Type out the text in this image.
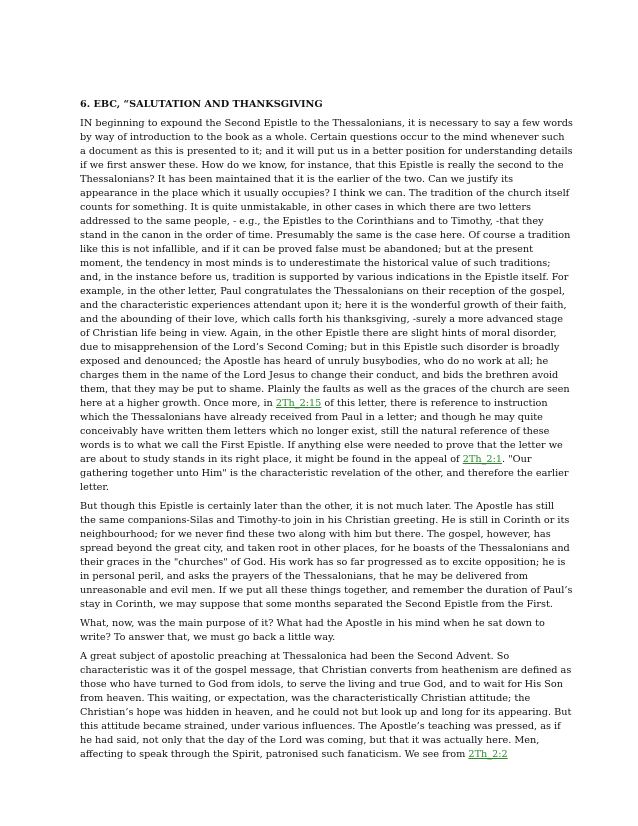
6. EBC, “SALUTATION AND THANKSGIVING

IN beginning to expound the Second Epistle to the Thessalonians, it is necessary to say a few words by way of introduction to the book as a whole. Certain questions occur to the mind whenever such a document as this is presented to it; and it will put us in a better position for understanding details if we first answer these. How do we know, for instance, that this Epistle is really the second to the Thessalonians? It has been maintained that it is the earlier of the two. Can we justify its appearance in the place which it usually occupies? I think we can. The tradition of the church itself counts for something. It is quite unmistakable, in other cases in which there are two letters addressed to the same people, - e.g., the Epistles to the Corinthians and to Timothy, -that they stand in the canon in the order of time. Presumably the same is the case here. Of course a tradition like this is not infallible, and if it can be proved false must be abandoned; but at the present moment, the tendency in most minds is to underestimate the historical value of such traditions; and, in the instance before us, tradition is supported by various indications in the Epistle itself. For example, in the other letter, Paul congratulates the Thessalonians on their reception of the gospel, and the characteristic experiences attendant upon it; here it is the wonderful growth of their faith, and the abounding of their love, which calls forth his thanksgiving, -surely a more advanced stage of Christian life being in view. Again, in the other Epistle there are slight hints of moral disorder, due to misapprehension of the Lord’s Second Coming; but in this Epistle such disorder is broadly exposed and denounced; the Apostle has heard of unruly busybodies, who do no work at all; he charges them in the name of the Lord Jesus to change their conduct, and bids the brethren avoid them, that they may be put to shame. Plainly the faults as well as the graces of the church are seen here at a higher growth. Once more, in 2Th_2:15 of this letter, there is reference to instruction which the Thessalonians have already received from Paul in a letter; and though he may quite conceivably have written them letters which no longer exist, still the natural reference of these words is to what we call the First Epistle. If anything else were needed to prove that the letter we are about to study stands in its right place, it might be found in the appeal of 2Th_2:1. "Our gathering together unto Him" is the characteristic revelation of the other, and therefore the earlier letter.

But though this Epistle is certainly later than the other, it is not much later. The Apostle has still the same companions-Silas and Timothy-to join in his Christian greeting. He is still in Corinth or its neighbourhood; for we never find these two along with him but there. The gospel, however, has spread beyond the great city, and taken root in other places, for he boasts of the Thessalonians and their graces in the "churches" of God. His work has so far progressed as to excite opposition; he is in personal peril, and asks the prayers of the Thessalonians, that he may be delivered from unreasonable and evil men. If we put all these things together, and remember the duration of Paul’s stay in Corinth, we may suppose that some months separated the Second Epistle from the First.

What, now, was the main purpose of it? What had the Apostle in his mind when he sat down to write? To answer that, we must go back a little way.

A great subject of apostolic preaching at Thessalonica had been the Second Advent. So characteristic was it of the gospel message, that Christian converts from heathenism are defined as those who have turned to God from idols, to serve the living and true God, and to wait for His Son from heaven. This waiting, or expectation, was the characteristically Christian attitude; the Christian’s hope was hidden in heaven, and he could not but look up and long for its appearing. But this attitude became strained, under various influences. The Apostle’s teaching was pressed, as if he had said, not only that the day of the Lord was coming, but that it was actually here. Men, affecting to speak through the Spirit, patronised such fanaticism. We see from 2Th_2:2
